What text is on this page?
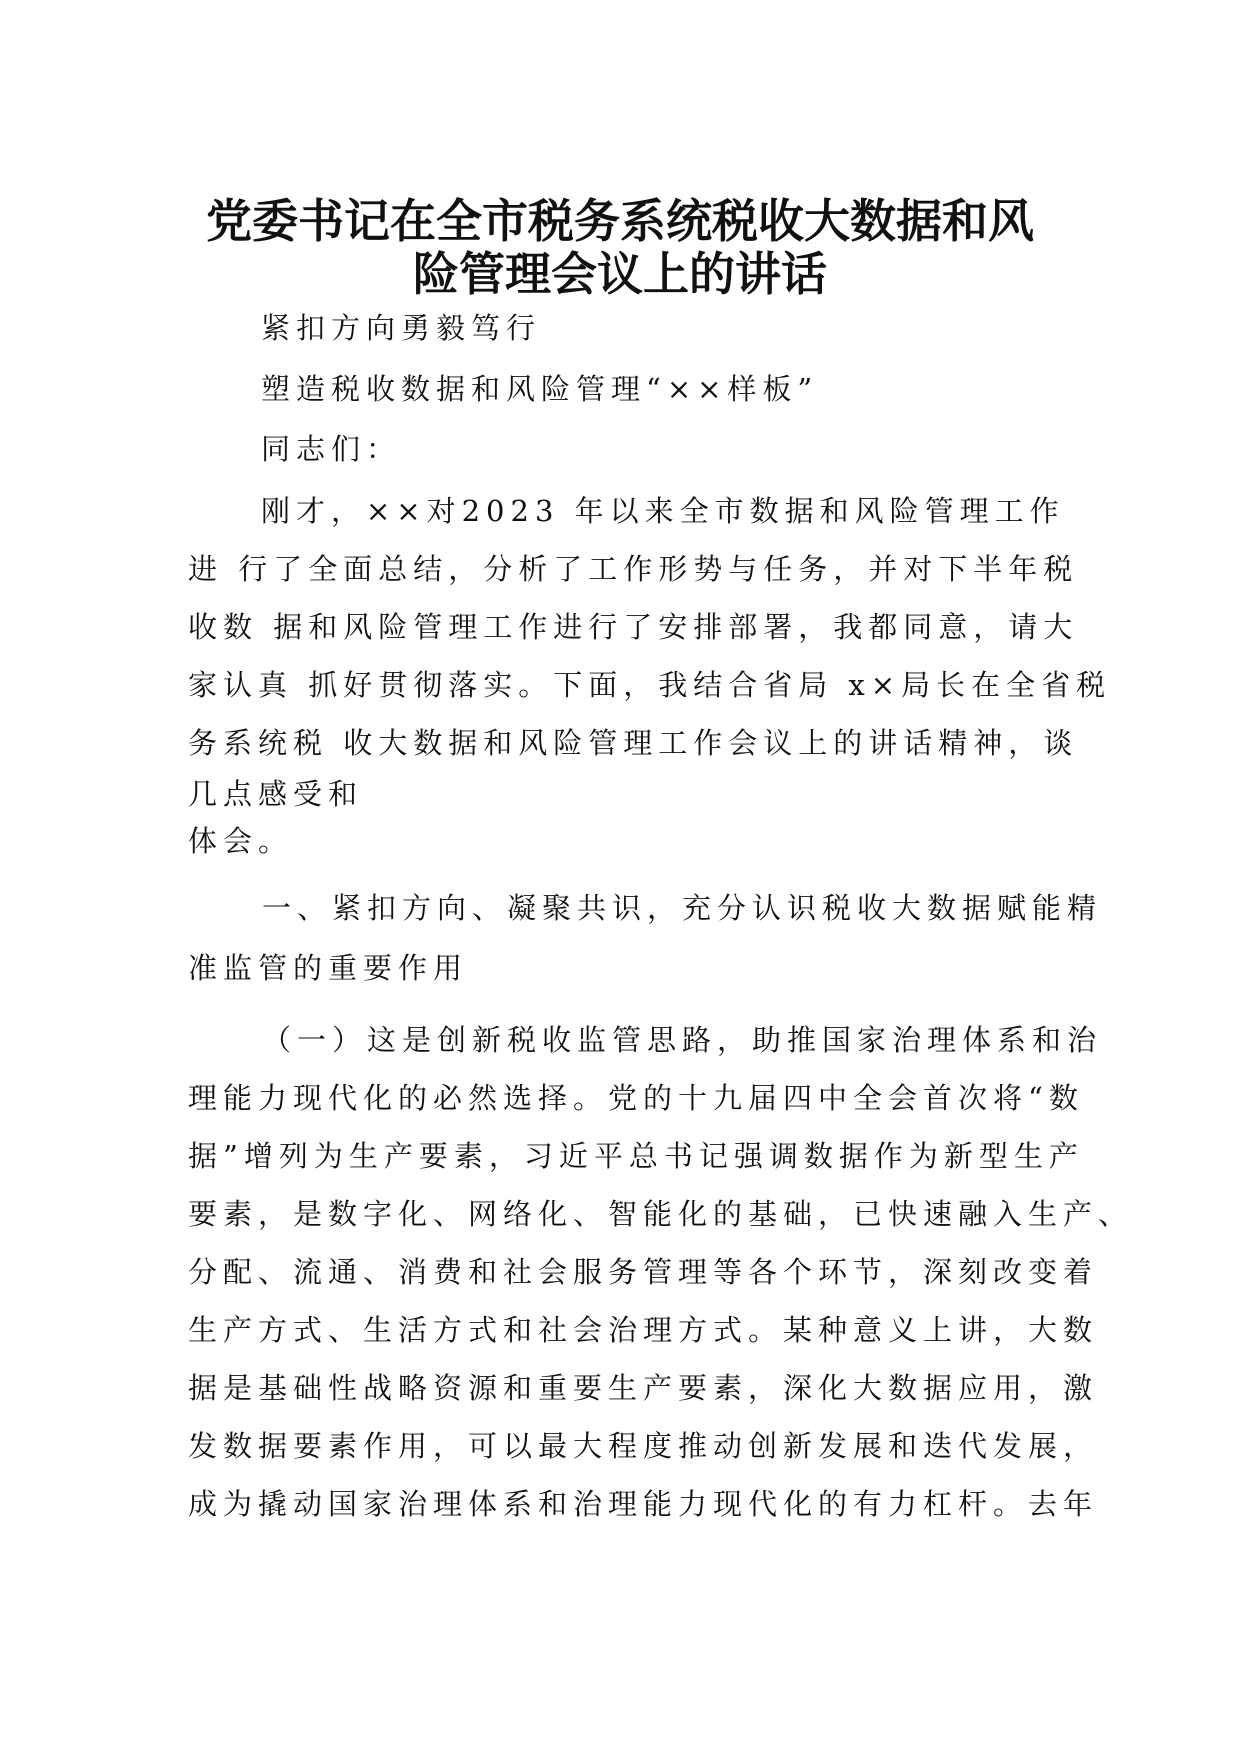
党委书记在全市税务系统税收大数据和风
险管理会议上的讲话
紧扣方向勇毅笃行
塑造税收数据和风险管理“××样板”
同志们：
刚才，××对2023 年以来全市数据和风险管理工作
进 行了全面总结，分析了工作形势与任务，并对下半年税
收数 据和风险管理工作进行了安排部署，我都同意，请大
家认真 抓好贯彻落实。下面，我结合省局 x×局长在全省税
务系统税 收大数据和风险管理工作会议上的讲话精神，谈
几点感受和
体会。
一、紧扣方向、凝聚共识，充分认识税收大数据赋能精
准监管的重要作用
（一）这是创新税收监管思路，助推国家治理体系和治
理能力现代化的必然选择。党的十九届四中全会首次将“数
据”增列为生产要素，习近平总书记强调数据作为新型生产
要素，是数字化、网络化、智能化的基础，已快速融入生产、
分配、流通、消费和社会服务管理等各个环节，深刻改变着
生产方式、生活方式和社会治理方式。某种意义上讲，大数
据是基础性战略资源和重要生产要素，深化大数据应用，激
发数据要素作用，可以最大程度推动创新发展和迭代发展，
成为撬动国家治理体系和治理能力现代化的有力杠杆。去年
